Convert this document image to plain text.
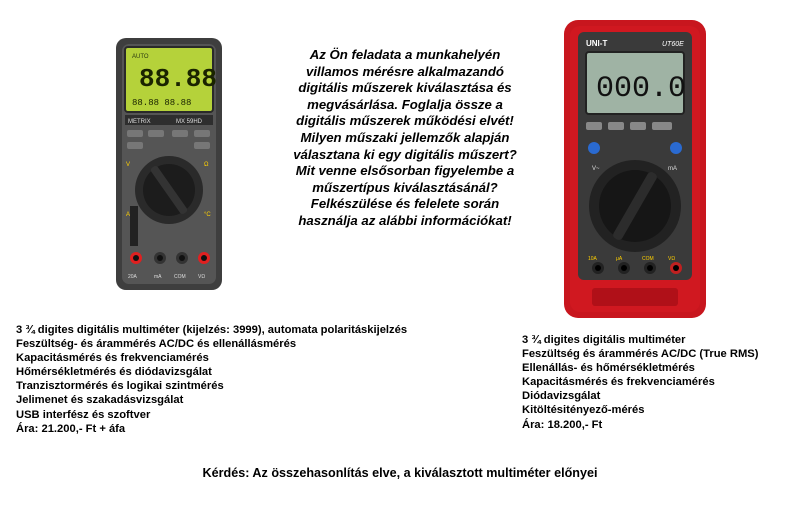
AUTO
88.88
88.88 88.88
METRIX	MX 59HD
V	Ω
A	°C
20A	mA	COM VΩ
UNI-T	UT60E
000.0
V~	mA
10A	μA	COM	VΩ
Az Ön feladata a munkahelyén
villamos mérésre alkalmazandó
digitális műszerek kiválasztása és
megvásárlása. Foglalja össze a
digitális műszerek működési elvét!
Milyen műszaki jellemzők alapján
választana ki egy digitális műszert?
Mit venne elsősorban figyelembe a
műszertípus kiválasztásánál?
Felkészülése és felelete során
használja az alábbi információkat!
3 ¾ digites digitális multiméter (kijelzés: 3999), automata polaritáskijelzés
Feszültség- és árammérés AC/DC és ellenállásmérés
Kapacitásmérés és frekvenciamérés
Hőmérsékletmérés és diódavizsgálat
Tranzisztormérés és logikai szintmérés
Jelimenet és szakadásvizsgálat
USB interfész és szoftver
Ára: 21.200,- Ft + áfa
3 ¾ digites digitális multiméter
Feszültség és árammérés AC/DC (True RMS)
Ellenállás- és hőmérsékletmérés
Kapacitásmérés és frekvenciamérés
Diódavizsgálat
Kitöltésitényező-mérés
Ára: 18.200,- Ft
Kérdés: Az összehasonlítás elve, a kiválasztott multiméter előnyei
